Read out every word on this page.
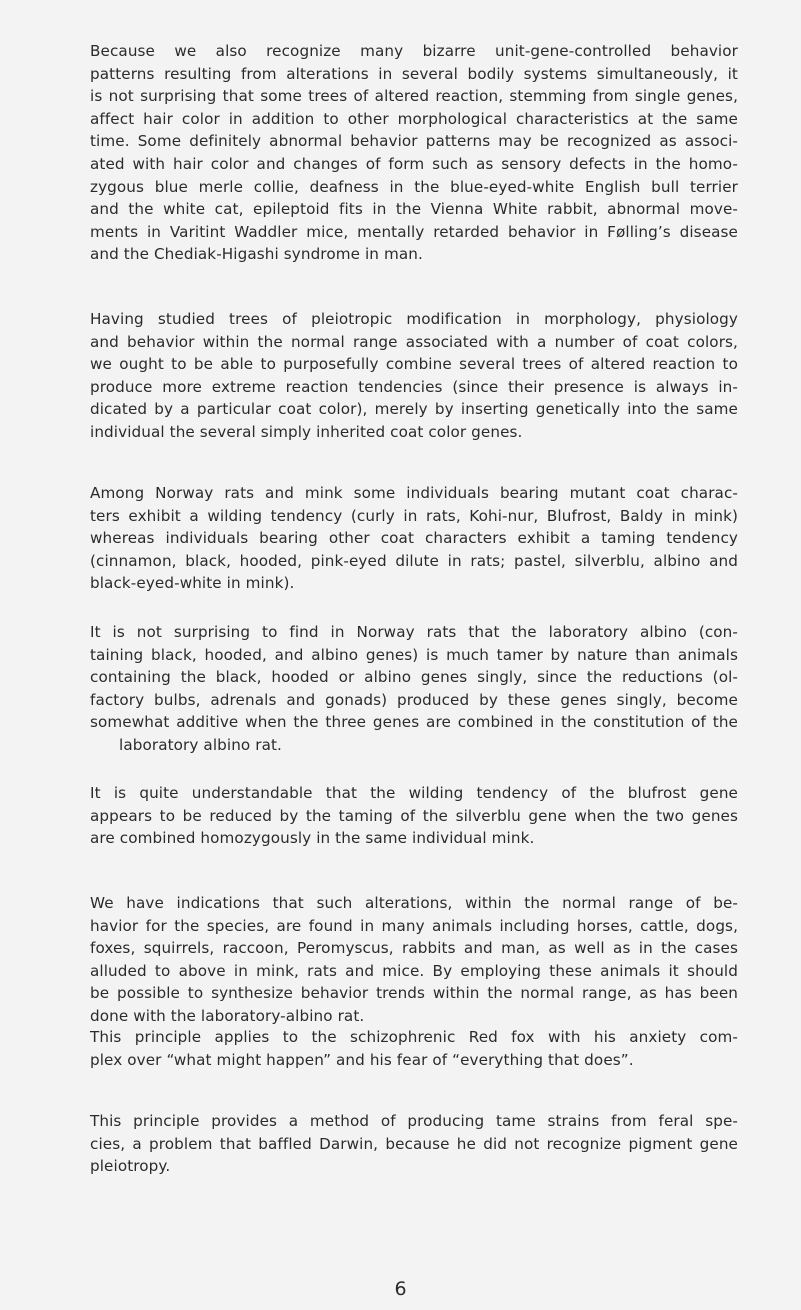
Because we also recognize many bizarre unit-gene-controlled behavior
patterns resulting from alterations in several bodily systems simultaneously, it
is not surprising that some trees of altered reaction, stemming from single genes,
affect hair color in addition to other morphological characteristics at the same
time. Some definitely abnormal behavior patterns may be recognized as associ-
ated with hair color and changes of form such as sensory defects in the homo-
zygous blue merle collie, deafness in the blue-eyed-white English bull terrier
and the white cat, epileptoid fits in the Vienna White rabbit, abnormal move-
ments in Varitint Waddler mice, mentally retarded behavior in Følling’s disease
and the Chediak-Higashi syndrome in man.

Having studied trees of pleiotropic modification in morphology, physiology
and behavior within the normal range associated with a number of coat colors,
we ought to be able to purposefully combine several trees of altered reaction to
produce more extreme reaction tendencies (since their presence is always in-
dicated by a particular coat color), merely by inserting genetically into the same
individual the several simply inherited coat color genes.

Among Norway rats and mink some individuals bearing mutant coat charac-
ters exhibit a wilding tendency (curly in rats, Kohi-nur, Blufrost, Baldy in mink)
whereas individuals bearing other coat characters exhibit a taming tendency
(cinnamon, black, hooded, pink-eyed dilute in rats; pastel, silverblu, albino and
black-eyed-white in mink).

It is not surprising to find in Norway rats that the laboratory albino (con-
taining black, hooded, and albino genes) is much tamer by nature than animals
containing the black, hooded or albino genes singly, since the reductions (ol-
factory bulbs, adrenals and gonads) produced by these genes singly, become
somewhat additive when the three genes are combined in the constitution of the
laboratory albino rat.

It is quite understandable that the wilding tendency of the blufrost gene
appears to be reduced by the taming of the silverblu gene when the two genes
are combined homozygously in the same individual mink.

We have indications that such alterations, within the normal range of be-
havior for the species, are found in many animals including horses, cattle, dogs,
foxes, squirrels, raccoon, Peromyscus, rabbits and man, as well as in the cases
alluded to above in mink, rats and mice. By employing these animals it should
be possible to synthesize behavior trends within the normal range, as has been
done with the laboratory-albino rat.

This principle applies to the schizophrenic Red fox with his anxiety com-
plex over “what might happen” and his fear of “everything that does”.

This principle provides a method of producing tame strains from feral spe-
cies, a problem that baffled Darwin, because he did not recognize pigment gene
pleiotropy.

6
